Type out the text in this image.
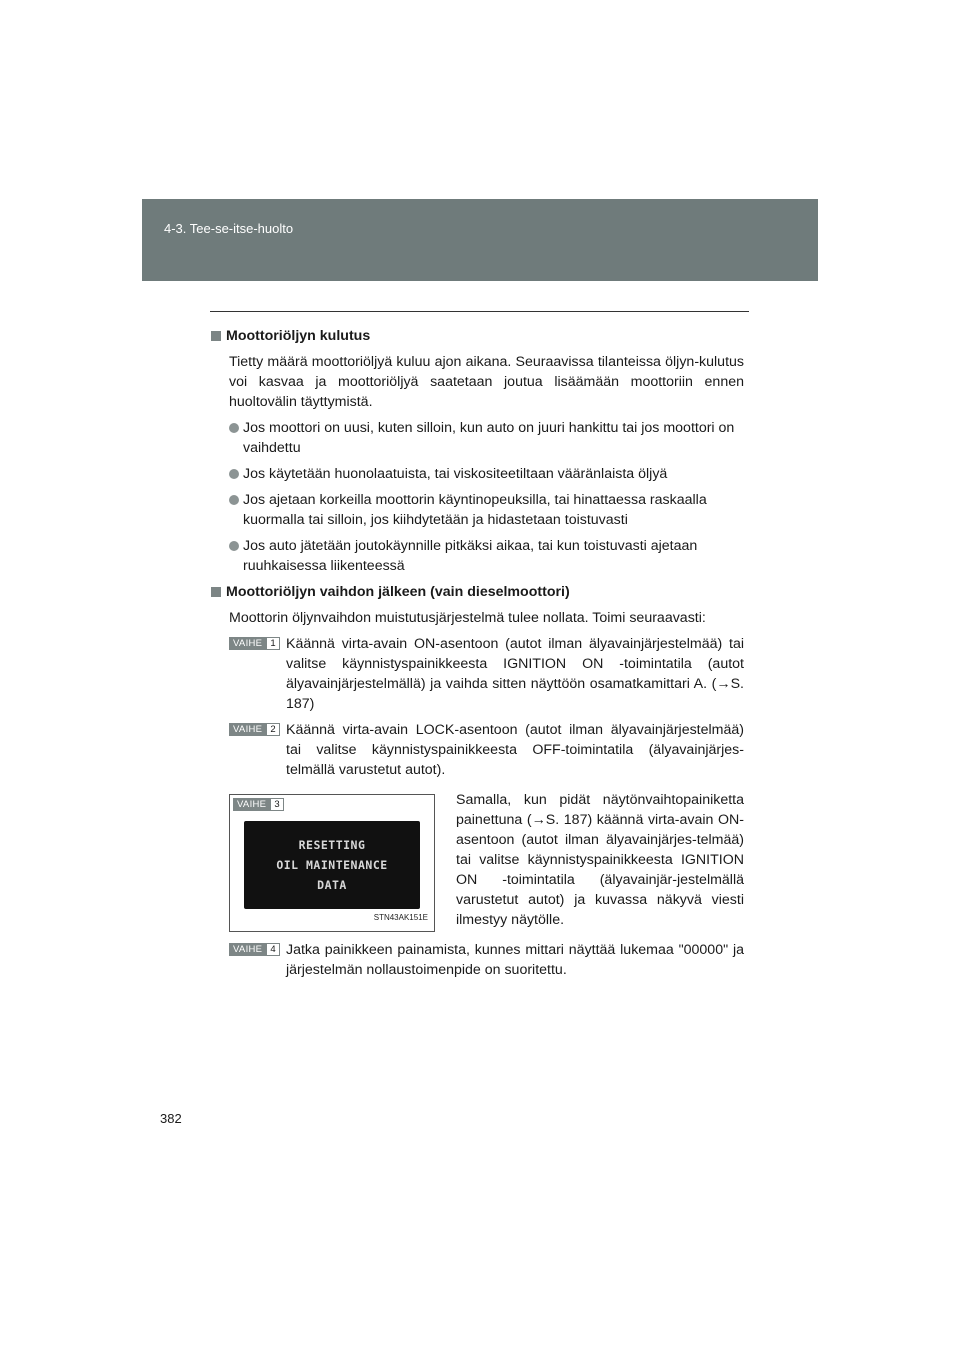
4-3. Tee-se-itse-huolto
Moottoriöljyn kulutus

Tietty määrä moottoriöljyä kuluu ajon aikana. Seuraavissa tilanteissa öljyn-kulutus voi kasvaa ja moottoriöljyä saatetaan joutua lisäämään moottoriin ennen huoltovälin täyttymistä.

Jos moottori on uusi, kuten silloin, kun auto on juuri hankittu tai jos moottori on vaihdettu
Jos käytetään huonolaatuista, tai viskositeetiltaan vääränlaista öljyä
Jos ajetaan korkeilla moottorin käyntinopeuksilla, tai hinattaessa raskaalla kuormalla tai silloin, jos kiihdytetään ja hidastetaan toistuvasti
Jos auto jätetään joutokäynnille pitkäksi aikaa, tai kun toistuvasti ajetaan ruuhkaisessa liikenteessä
Moottoriöljyn vaihdon jälkeen (vain dieselmoottori)

Moottorin öljynvaihdon muistutusjärjestelmä tulee nollata. Toimi seuraavasti:

VAIHE 1 Käännä virta-avain ON-asentoon (autot ilman älyavainjärjestelmää) tai valitse käynnistyspainikkeesta IGNITION ON -toimintatila (autot älyavainjärjestelmällä) ja vaihda sitten näyttöön osamatkamittari A. (→S. 187)
VAIHE 2 Käännä virta-avain LOCK-asentoon (autot ilman älyavainjärjestelmää) tai valitse käynnistyspainikkeesta OFF-toimintatila (älyavainjärjes-telmällä varustetut autot).
VAIHE 3
RESETTING
OIL MAINTENANCE
DATA
STN43AK151E
Samalla, kun pidät näytönvaihtopainiketta painettuna (→S. 187) käännä virta-avain ON-asentoon (autot ilman älyavainjärjes-telmää) tai valitse käynnistyspainikkeesta IGNITION ON -toimintatila (älyavainjär-jestelmällä varustetut autot) ja kuvassa näkyvä viesti ilmestyy näytölle.
VAIHE 4 Jatka painikkeen painamista, kunnes mittari näyttää lukemaa "00000" ja järjestelmän nollaustoimenpide on suoritettu.
382
